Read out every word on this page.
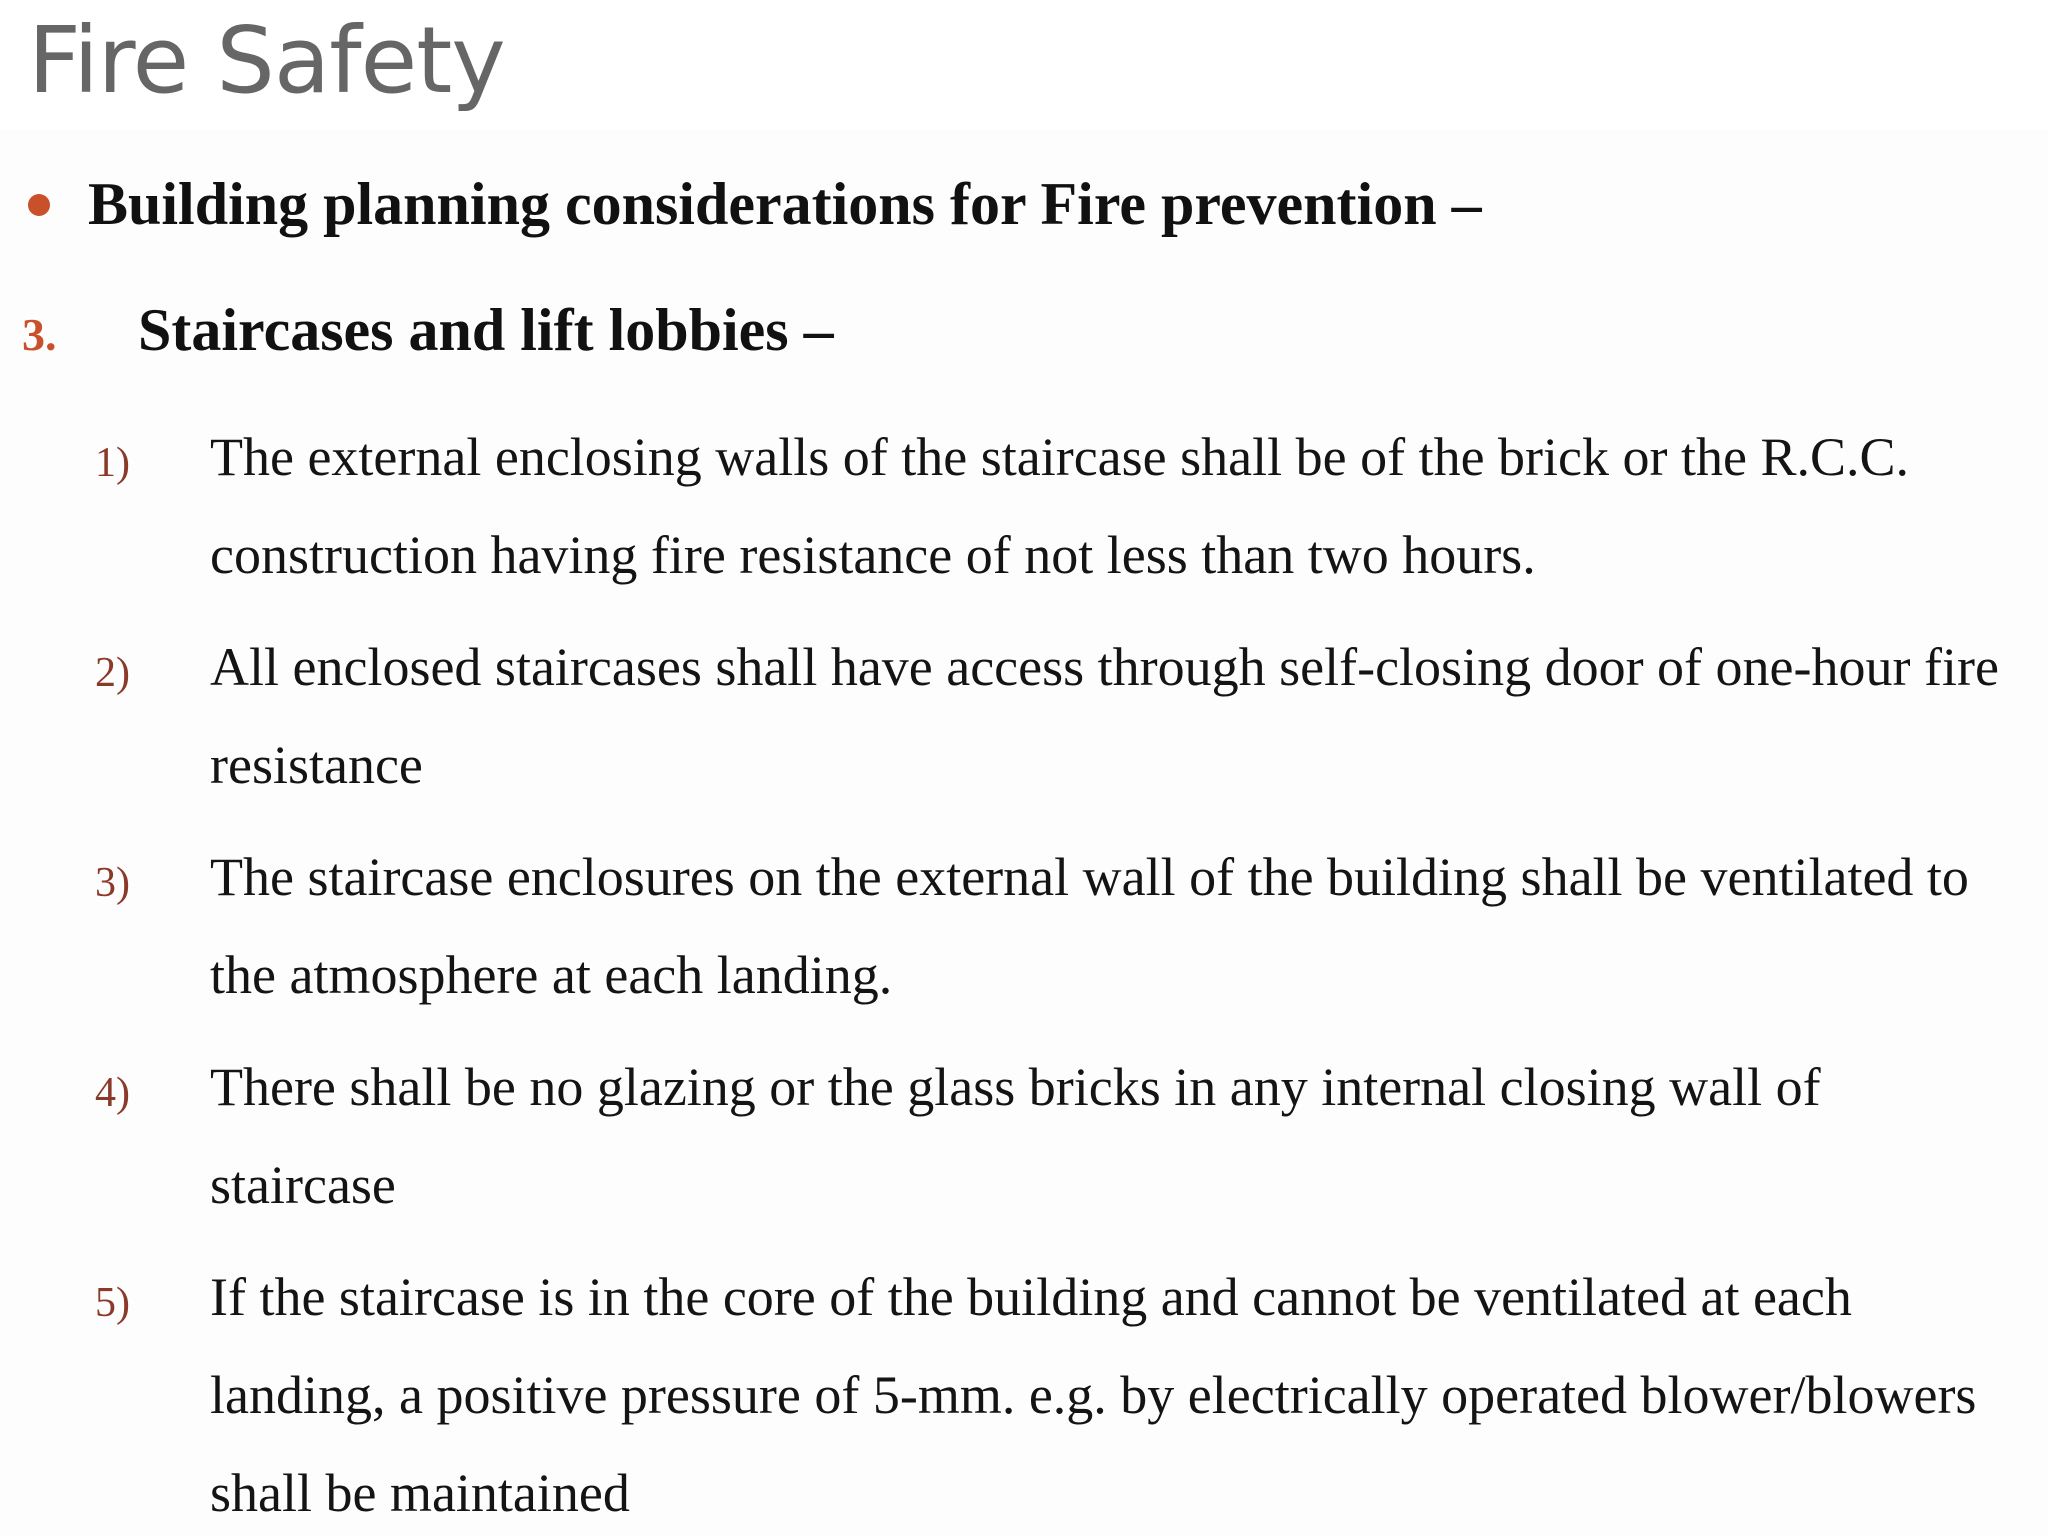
Fire Safety
Building planning considerations for Fire prevention –
3.	Staircases and lift lobbies –
1)	The external enclosing walls of the staircase shall be of the brick or the R.C.C. construction having fire resistance of not less than two hours.
2)	All enclosed staircases shall have access through self-closing door of one-hour fire resistance
3)	The staircase enclosures on the external wall of the building shall be ventilated to the atmosphere at each landing.
4)	There shall be no glazing or the glass bricks in any internal closing wall of staircase
5)	If the staircase is in the core of the building and cannot be ventilated at each landing, a positive pressure of 5-mm. e.g. by electrically operated blower/blowers shall be maintained
